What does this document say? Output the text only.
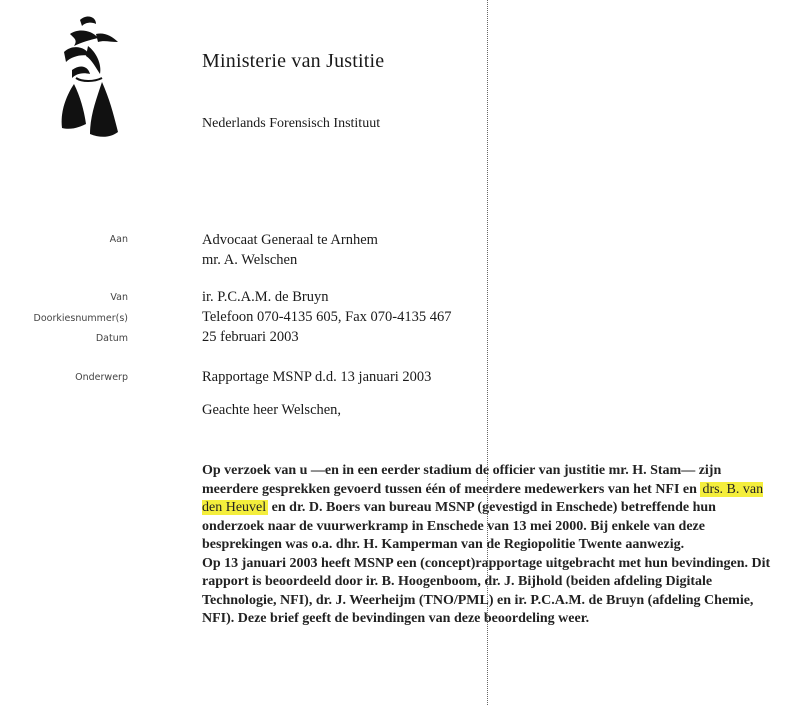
Ministerie van Justitie
Nederlands Forensisch Instituut
Aan	Advocaat Generaal te Arnhem
mr. A. Welschen
Van	ir. P.C.A.M. de Bruyn
Doorkiesnummer(s)	Telefoon 070-4135 605, Fax 070-4135 467
Datum	25 februari 2003
Onderwerp	Rapportage MSNP d.d. 13 januari 2003
Geachte heer Welschen,

Op verzoek van u —en in een eerder stadium de officier van justitie mr. H. Stam— zijn meerdere gesprekken gevoerd tussen één of meerdere medewerkers van het NFI en drs. B. van den Heuvel en dr. D. Boers van bureau MSNP (gevestigd in Enschede) betreffende hun onderzoek naar de vuurwerkramp in Enschede van 13 mei 2000. Bij enkele van deze besprekingen was o.a. dhr. H. Kamperman van de Regiopolitie Twente aanwezig.

Op 13 januari 2003 heeft MSNP een (concept)rapportage uitgebracht met hun bevindingen. Dit rapport is beoordeeld door ir. B. Hoogenboom, dr. J. Bijhold (beiden afdeling Digitale Technologie, NFI), dr. J. Weerheijm (TNO/PML) en ir. P.C.A.M. de Bruyn (afdeling Chemie, NFI). Deze brief geeft de bevindingen van deze beoordeling weer.
